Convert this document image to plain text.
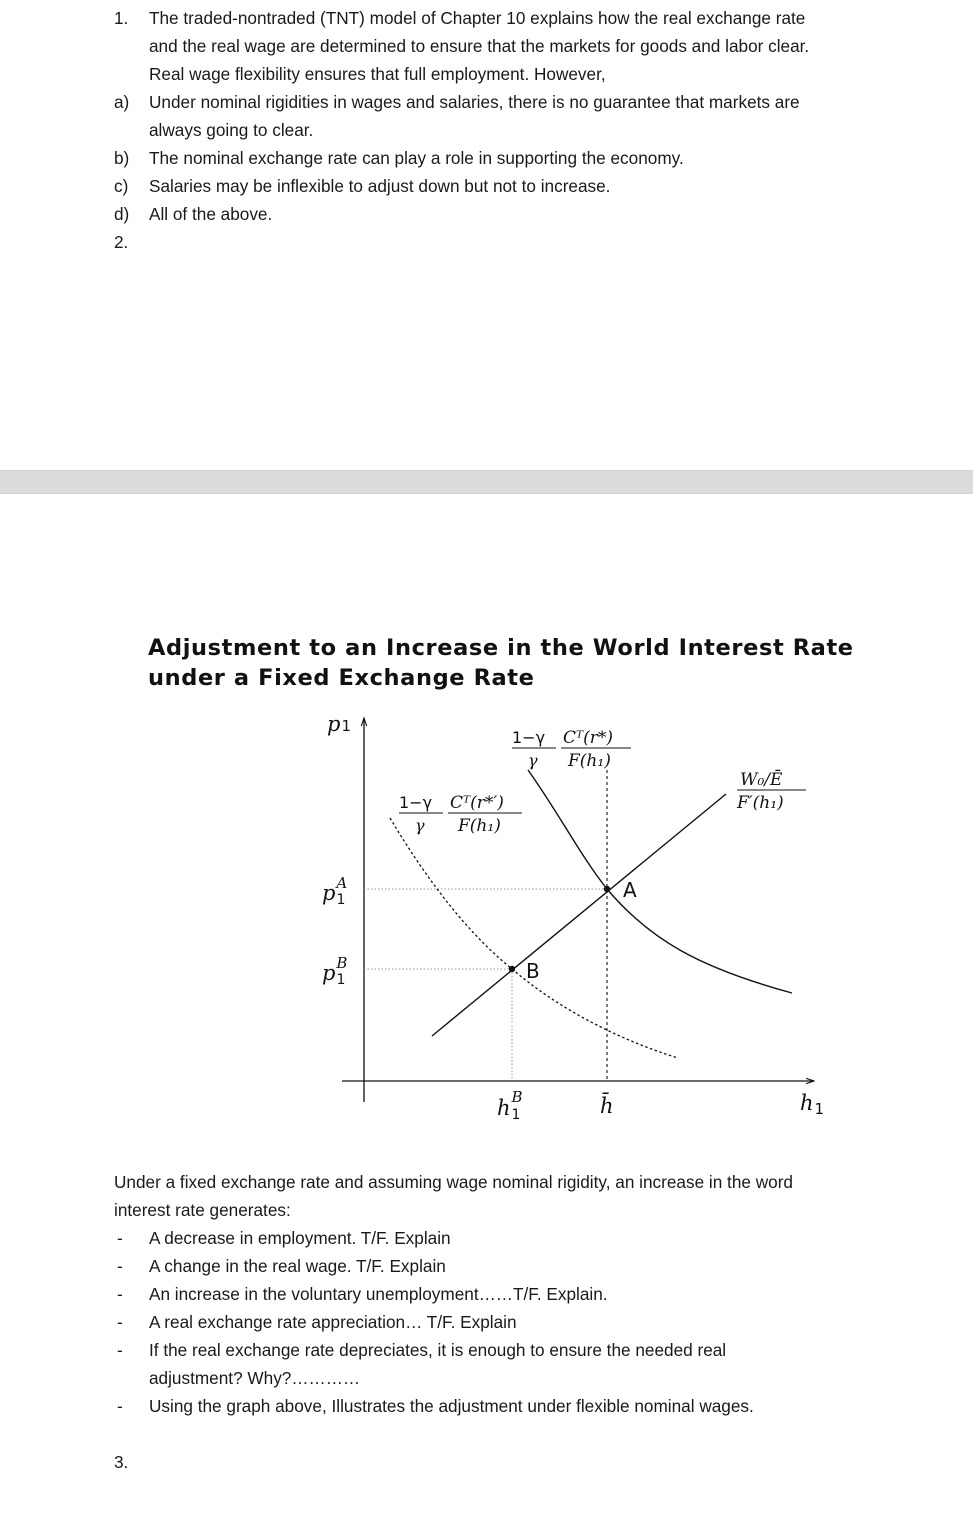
1. The traded-nontraded (TNT) model of Chapter 10 explains how the real exchange rate
and the real wage are determined to ensure that the markets for goods and labor clear.
Real wage flexibility ensures that full employment. However,
a) Under nominal rigidities in wages and salaries, there is no guarantee that markets are
always going to clear.
b) The nominal exchange rate can play a role in supporting the economy.
c) Salaries may be inflexible to adjust down but not to increase.
d) All of the above.
2.
Adjustment to an Increase in the World Interest Rate
under a Fixed Exchange Rate
p1
h1
A
B
p1A
p1B
h1B	h̄
1−γ
γ
Cᵀ(r*)
F(h₁)
1−γ
γ
Cᵀ(r*′)
F(h₁)
W₀/Ē
F′(h₁)
Under a fixed exchange rate and assuming wage nominal rigidity, an increase in the word
interest rate generates:
- A decrease in employment. T/F. Explain
- A change in the real wage. T/F. Explain
- An increase in the voluntary unemployment……T/F. Explain.
- A real exchange rate appreciation… T/F. Explain
- If the real exchange rate depreciates, it is enough to ensure the needed real
adjustment? Why?…………
- Using the graph above, Illustrates the adjustment under flexible nominal wages.
3.
